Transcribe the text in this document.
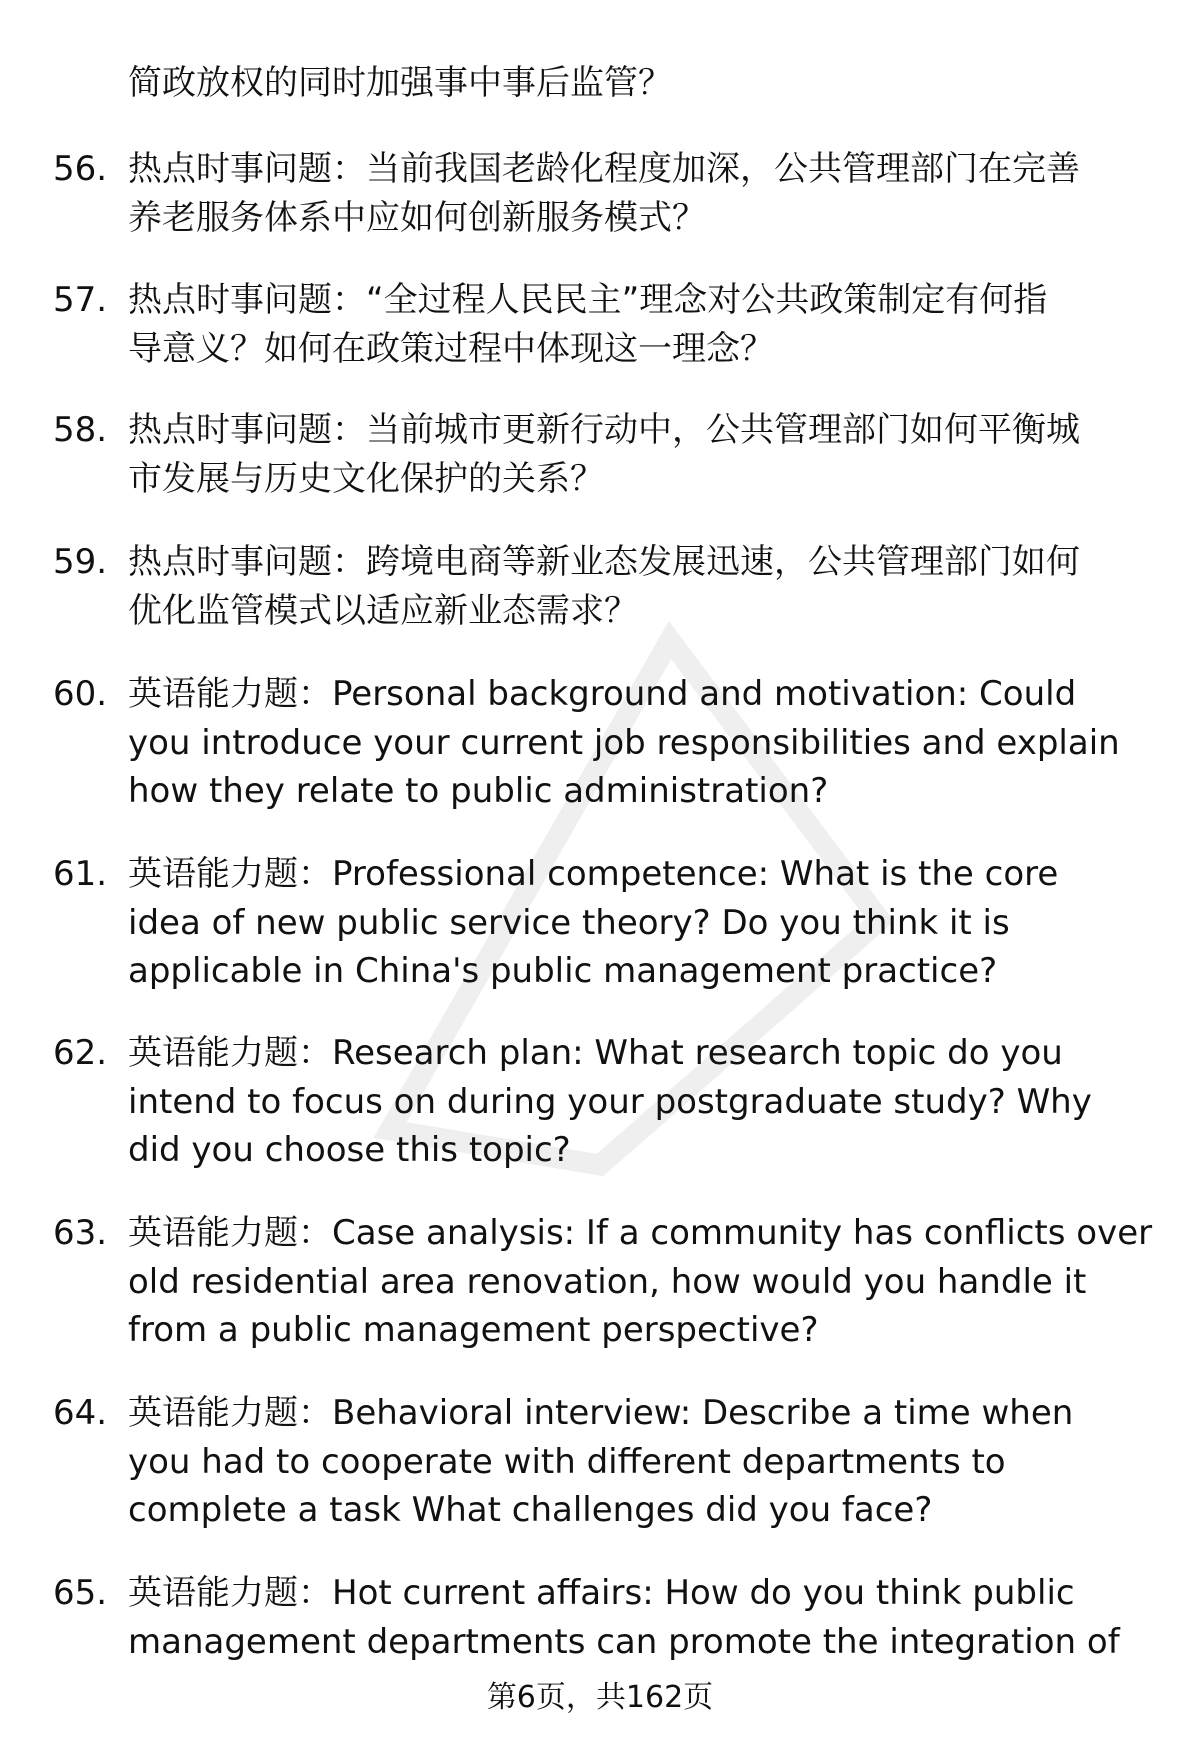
简政放权的同时加强事中事后监管？
56. 热点时事问题：当前我国老龄化程度加深，公共管理部门在完善
养老服务体系中应如何创新服务模式？
57. 热点时事问题：“全过程人民民主”理念对公共政策制定有何指
导意义？如何在政策过程中体现这一理念？
58. 热点时事问题：当前城市更新行动中，公共管理部门如何平衡城
市发展与历史文化保护的关系？
59. 热点时事问题：跨境电商等新业态发展迅速，公共管理部门如何
优化监管模式以适应新业态需求？
60. 英语能力题：Personal background and motivation: Could
you introduce your current job responsibilities and explain
how they relate to public administration?
61. 英语能力题：Professional competence: What is the core
idea of new public service theory? Do you think it is
applicable in China's public management practice?
62. 英语能力题：Research plan: What research topic do you
intend to focus on during your postgraduate study? Why
did you choose this topic?
63. 英语能力题：Case analysis: If a community has conflicts over
old residential area renovation, how would you handle it
from a public management perspective?
64. 英语能力题：Behavioral interview: Describe a time when
you had to cooperate with different departments to
complete a task What challenges did you face?
65. 英语能力题：Hot current affairs: How do you think public
management departments can promote the integration of
第6页，共162页
